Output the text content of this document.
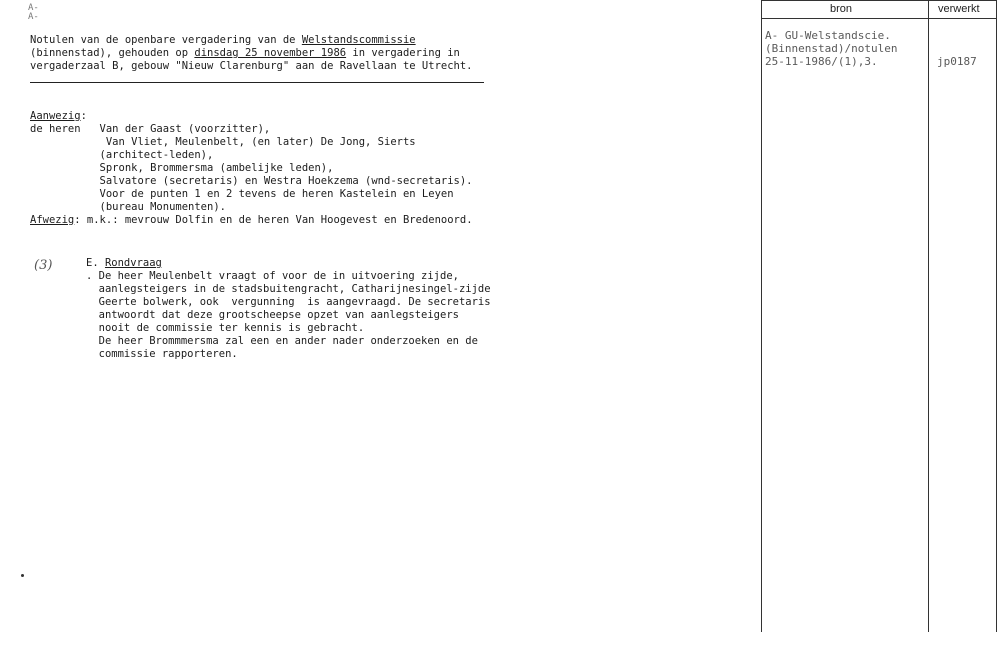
A-
A-
Notulen van de openbare vergadering van de Welstandscommissie
(binnenstad), gehouden op dinsdag 25 november 1986 in vergadering in
vergaderzaal B, gebouw "Nieuw Clarenburg" aan de Ravellaan te Utrecht.
Aanwezig:
de heren   Van der Gaast (voorzitter),
Van Vliet, Meulenbelt, (en later) De Jong, Sierts
(architect-leden),
Spronk, Brommersma (ambelijke leden),
Salvatore (secretaris) en Westra Hoekzema (wnd-secretaris).
Voor de punten 1 en 2 tevens de heren Kastelein en Leyen
(bureau Monumenten).
Afwezig: m.k.: mevrouw Dolfin en de heren Van Hoogevest en Bredenoord.
(3)	E. Rondvraag
. De heer Meulenbelt vraagt of voor de in uitvoering zijde,
aanlegsteigers in de stadsbuitengracht, Catharijnesingel-zijde
Geerte bolwerk, ook  vergunning  is aangevraagd. De secretaris
antwoordt dat deze grootscheepse opzet van aanlegsteigers
nooit de commissie ter kennis is gebracht.
De heer Brommmersma zal een en ander nader onderzoeken en de
commissie rapporteren.
bron	verwerkt
A- GU-Welstandscie.
(Binnenstad)/notulen
25-11-1986/(1),3.	jp0187
